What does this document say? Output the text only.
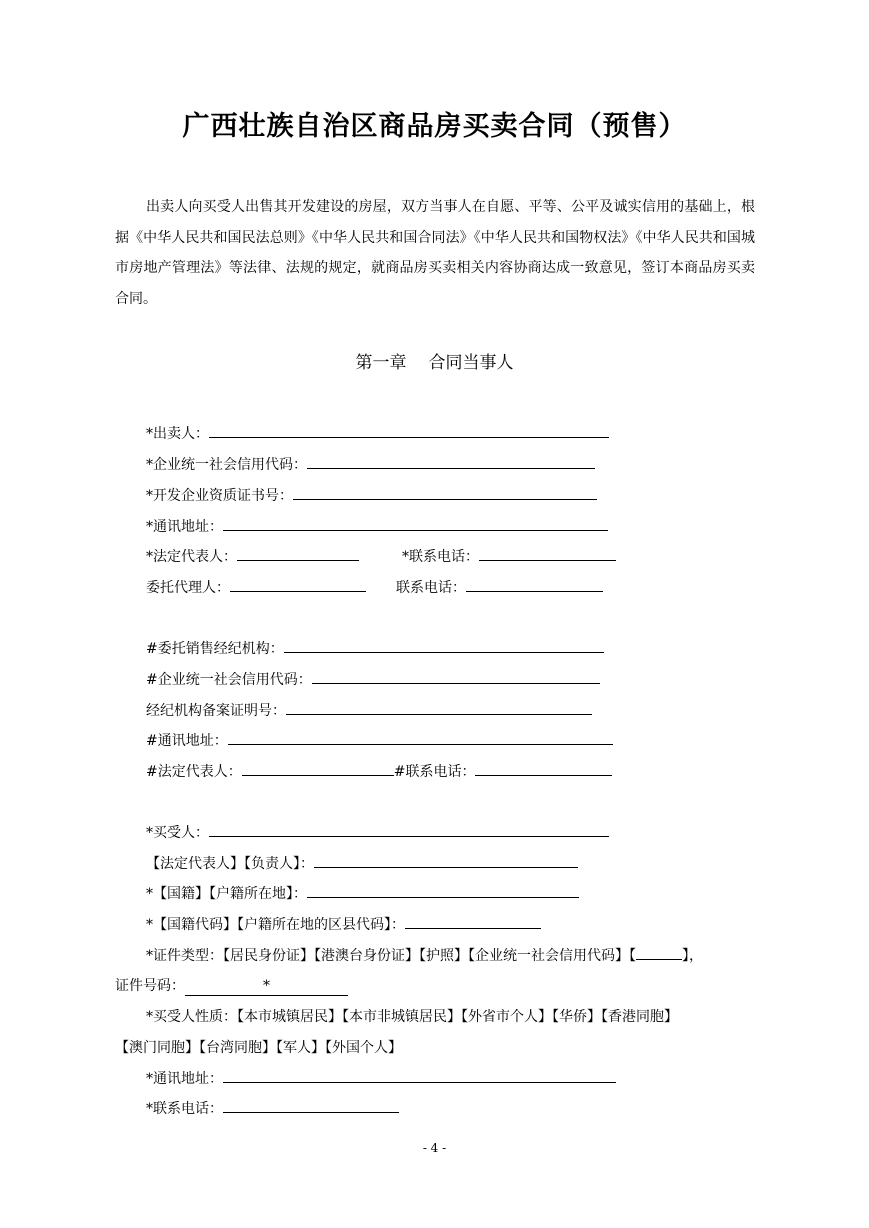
广西壮族自治区商品房买卖合同（预售）
出卖人向买受人出售其开发建设的房屋，双方当事人在自愿、平等、公平及诚实信用的基础上，根据《中华人民共和国民法总则》《中华人民共和国合同法》《中华人民共和国物权法》《中华人民共和国城市房地产管理法》等法律、法规的规定，就商品房买卖相关内容协商达成一致意见，签订本商品房买卖合同。
第一章 合同当事人
*出卖人：
*企业统一社会信用代码：
*开发企业资质证书号：
*通讯地址：
*法定代表人：	*联系电话：
委托代理人：	联系电话：
#委托销售经纪机构：
#企业统一社会信用代码：
经纪机构备案证明号：
#通讯地址：
#法定代表人：	#联系电话：
*买受人：
【法定代表人】【负责人】：
*【国籍】【户籍所在地】：
*【国籍代码】【户籍所在地的区县代码】：
*证件类型：【居民身份证】【港澳台身份证】【护照】【企业统一社会信用代码】【	】，
证件号码：	*
*买受人性质：【本市城镇居民】【本市非城镇居民】【外省市个人】【华侨】【香港同胞】
【澳门同胞】【台湾同胞】【军人】【外国个人】
*通讯地址：
*联系电话：
- 4 -
